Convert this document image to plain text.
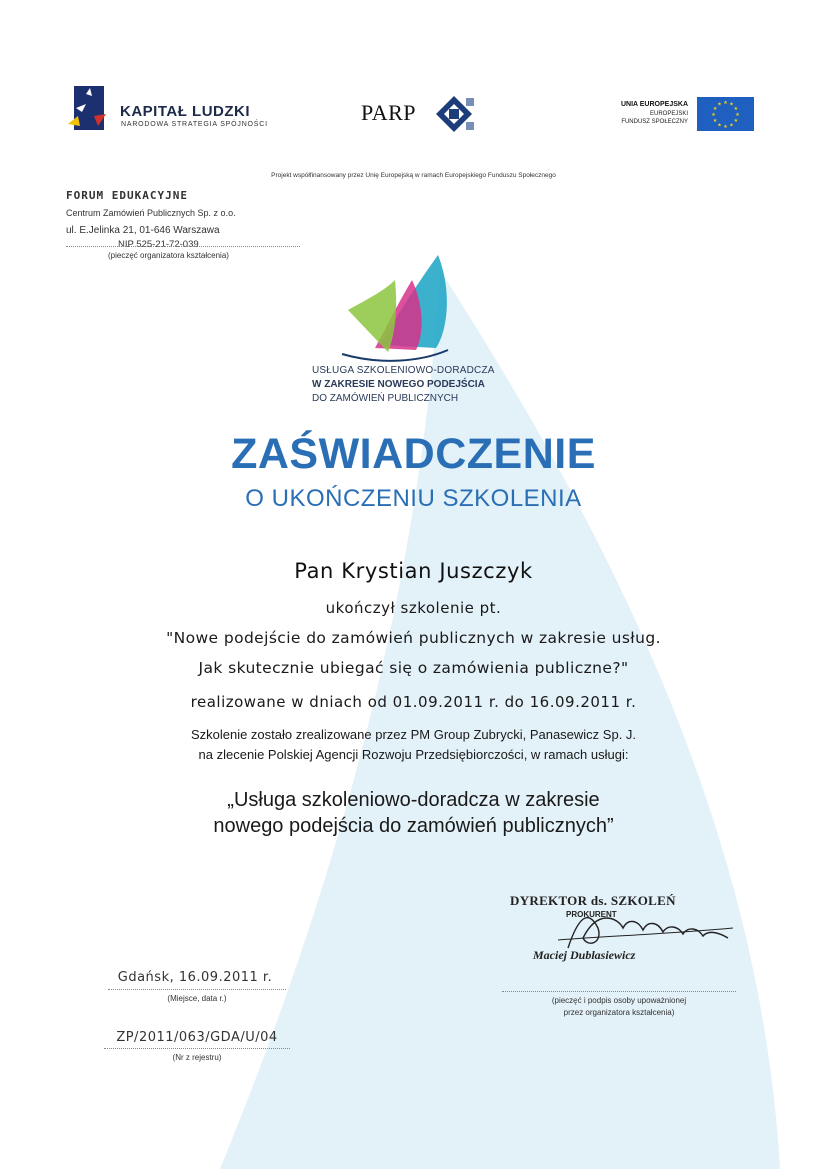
KAPITAŁ LUDZKI
NARODOWA STRATEGIA SPÓJNOŚCI	PARP	UNIA EUROPEJSKA
EUROPEJSKI
FUNDUSZ SPOŁECZNY
★ ★
★
★
★
★
★
★
★
★
★
★
Projekt współfinansowany przez Unię Europejską w ramach Europejskiego Funduszu Społecznego
FORUM EDUKACYJNE
Centrum Zamówień Publicznych Sp. z o.o.
ul. E.Jelinka 21, 01-646 Warszawa
NIP 525-21-72-039
(pieczęć organizatora kształcenia)
USŁUGA SZKOLENIOWO-DORADCZA
W ZAKRESIE NOWEGO PODEJŚCIA
DO ZAMÓWIEŃ PUBLICZNYCH
ZAŚWIADCZENIE
O UKOŃCZENIU SZKOLENIA
Pan Krystian Juszczyk
ukończył szkolenie pt.
"Nowe podejście do zamówień publicznych w zakresie usług.
Jak skutecznie ubiegać się o zamówienia publiczne?"
realizowane w dniach od 01.09.2011 r. do 16.09.2011 r.
Szkolenie zostało zrealizowane przez PM Group Zubrycki, Panasewicz Sp. J.
na zlecenie Polskiej Agencji Rozwoju Przedsiębiorczości, w ramach usługi:
„Usługa szkoleniowo-doradcza w zakresie
nowego podejścia do zamówień publicznych”
DYREKTOR ds. SZKOLEŃ
PROKURENT
Maciej Dublasiewicz
(pieczęć i podpis osoby upoważnionej
przez organizatora kształcenia)
Gdańsk, 16.09.2011 r.
(Miejsce, data r.)
ZP/2011/063/GDA/U/04
(Nr z rejestru)
